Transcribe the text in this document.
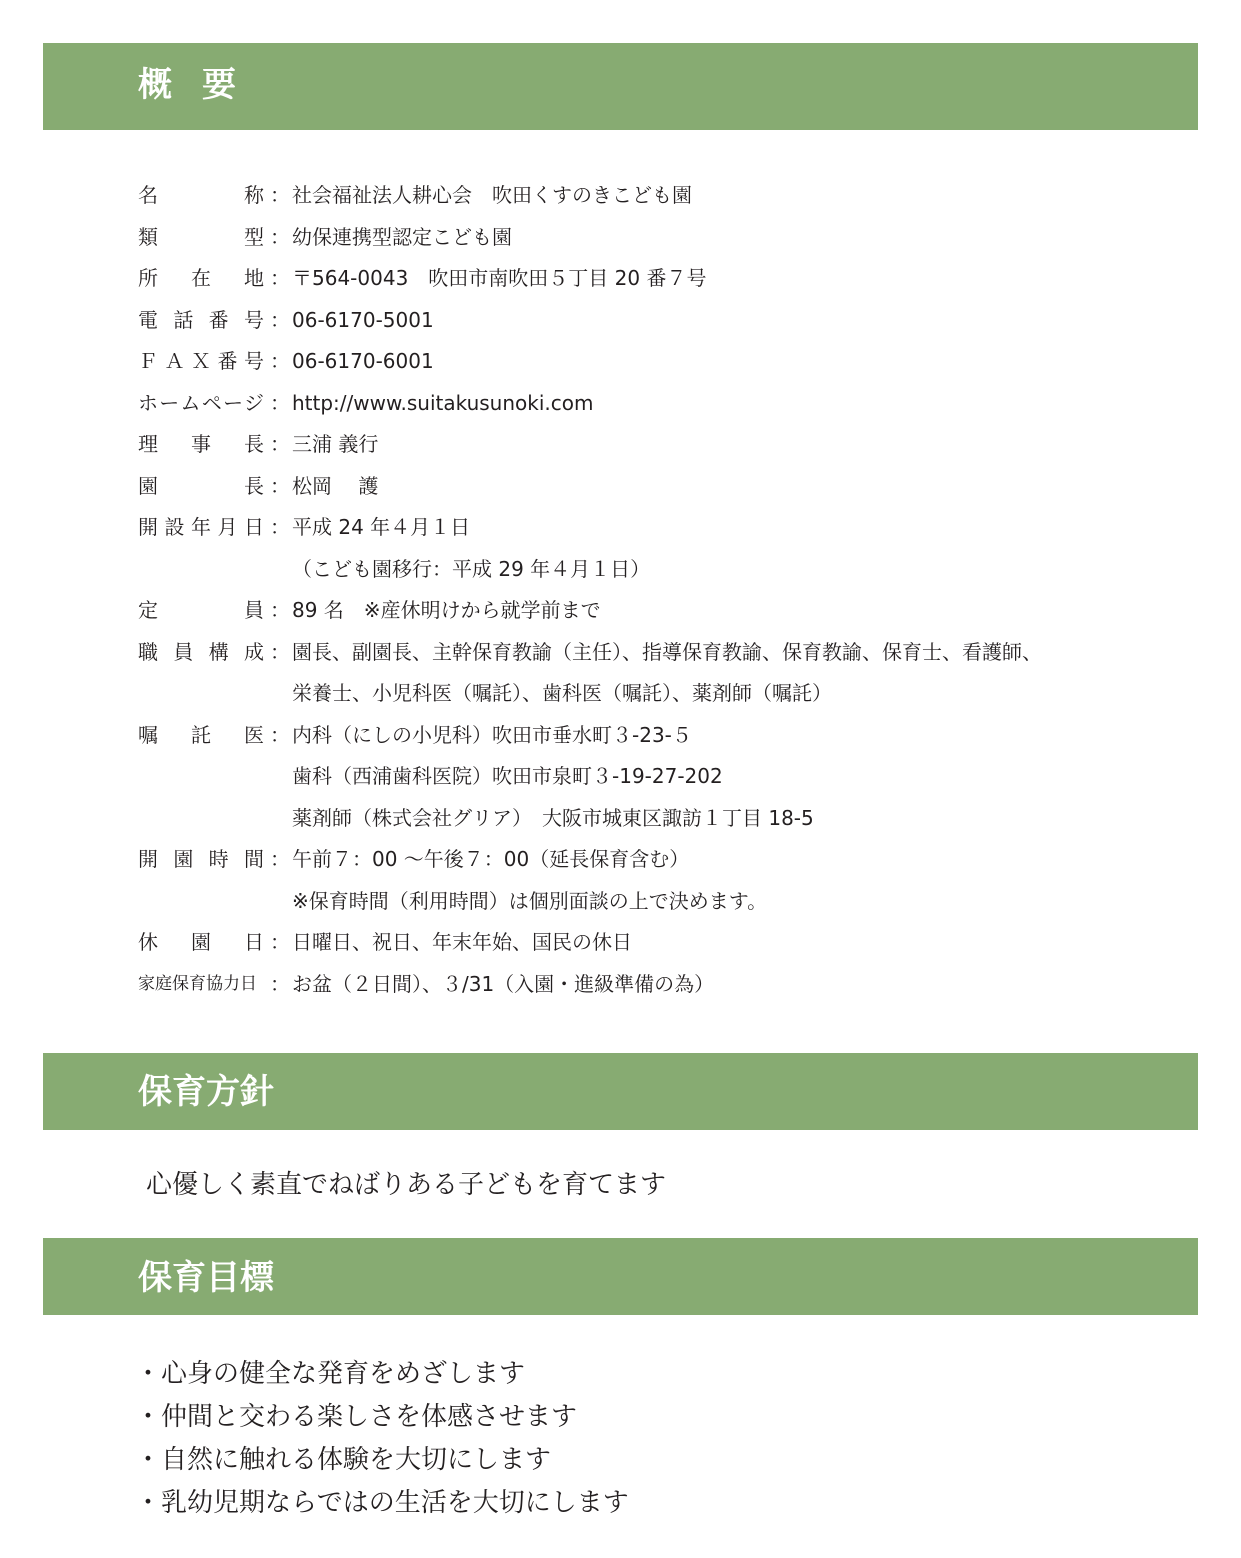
概要
名称 ： 社会福祉法人耕心会　吹田くすのきこども園
類型 ： 幼保連携型認定こども園
所在地 ： 〒564-0043　吹田市南吹田５丁目 20 番７号
電話番号 ： 06-6170-5001
ＦＡＸ番号 ： 06-6170-6001
ホームページ ： http://www.suitakusunoki.com
理事長 ： 三浦 義行
園長 ： 松岡　 護
開設年月日 ： 平成 24 年４月１日
（こども園移行：平成 29 年４月１日）
定員 ： 89 名　※産休明けから就学前まで
職員構成 ： 園長、副園長、主幹保育教諭（主任）、指導保育教諭、保育教諭、保育士、看護師、
栄養士、小児科医（嘱託）、歯科医（嘱託）、薬剤師（嘱託）
嘱託医 ： 内科（にしの小児科）吹田市垂水町３-23-５
歯科（西浦歯科医院）吹田市泉町３-19-27-202
薬剤師（株式会社グリア）　大阪市城東区諏訪１丁目 18-5
開園時間 ： 午前７：00 〜午後７：00（延長保育含む）
※保育時間（利用時間）は個別面談の上で決めます。
休園日 ： 日曜日、祝日、年末年始、国民の休日
家庭保育協力日 ： お盆（２日間）、３/31（入園・進級準備の為）
保育方針
心優しく素直でねばりある子どもを育てます
保育目標
・心身の健全な発育をめざします
・仲間と交わる楽しさを体感させます
・自然に触れる体験を大切にします
・乳幼児期ならではの生活を大切にします
